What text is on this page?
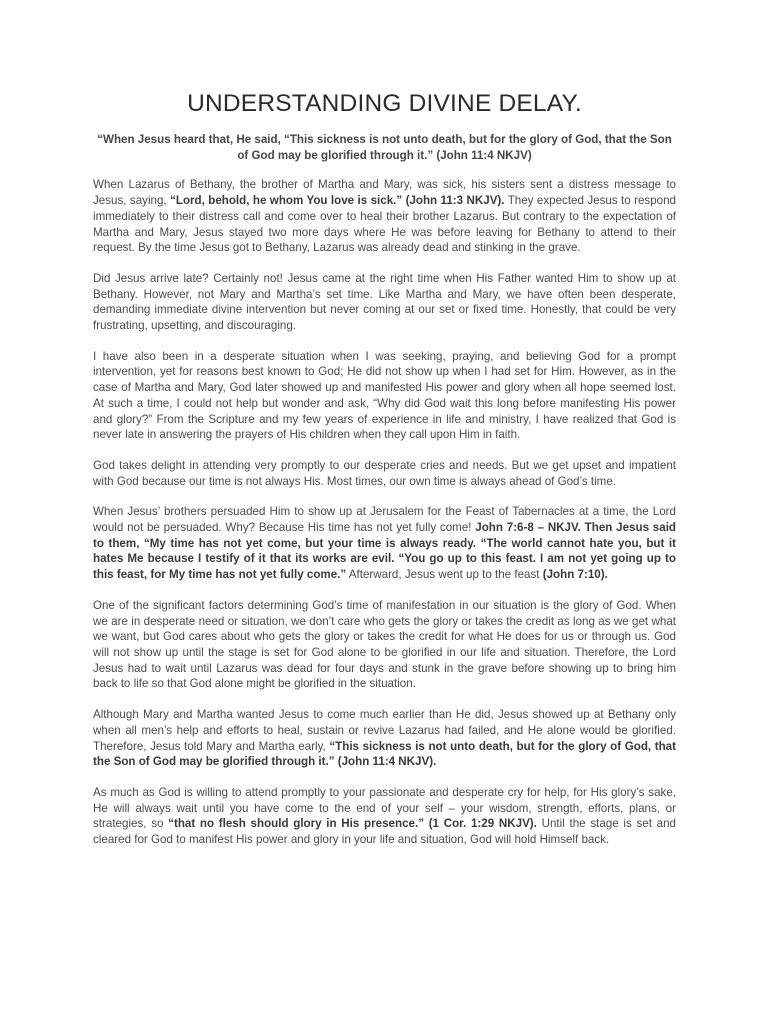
UNDERSTANDING DIVINE DELAY.

“When Jesus heard that, He said, “This sickness is not unto death, but for the glory of God, that the Son of God may be glorified through it.” (John 11:4 NKJV)

When Lazarus of Bethany, the brother of Martha and Mary, was sick, his sisters sent a distress message to Jesus, saying, “Lord, behold, he whom You love is sick.” (John 11:3 NKJV). They expected Jesus to respond immediately to their distress call and come over to heal their brother Lazarus. But contrary to the expectation of Martha and Mary, Jesus stayed two more days where He was before leaving for Bethany to attend to their request. By the time Jesus got to Bethany, Lazarus was already dead and stinking in the grave.

Did Jesus arrive late? Certainly not! Jesus came at the right time when His Father wanted Him to show up at Bethany. However, not Mary and Martha’s set time. Like Martha and Mary, we have often been desperate, demanding immediate divine intervention but never coming at our set or fixed time. Honestly, that could be very frustrating, upsetting, and discouraging.

I have also been in a desperate situation when I was seeking, praying, and believing God for a prompt intervention, yet for reasons best known to God; He did not show up when I had set for Him. However, as in the case of Martha and Mary, God later showed up and manifested His power and glory when all hope seemed lost. At such a time, I could not help but wonder and ask, “Why did God wait this long before manifesting His power and glory?” From the Scripture and my few years of experience in life and ministry, I have realized that God is never late in answering the prayers of His children when they call upon Him in faith.

God takes delight in attending very promptly to our desperate cries and needs. But we get upset and impatient with God because our time is not always His. Most times, our own time is always ahead of God’s time.

When Jesus’ brothers persuaded Him to show up at Jerusalem for the Feast of Tabernacles at a time, the Lord would not be persuaded. Why? Because His time has not yet fully come! John 7:6-8 – NKJV. Then Jesus said to them, “My time has not yet come, but your time is always ready. “The world cannot hate you, but it hates Me because I testify of it that its works are evil. “You go up to this feast. I am not yet going up to this feast, for My time has not yet fully come.” Afterward, Jesus went up to the feast (John 7:10).

One of the significant factors determining God’s time of manifestation in our situation is the glory of God. When we are in desperate need or situation, we don’t care who gets the glory or takes the credit as long as we get what we want, but God cares about who gets the glory or takes the credit for what He does for us or through us. God will not show up until the stage is set for God alone to be glorified in our life and situation. Therefore, the Lord Jesus had to wait until Lazarus was dead for four days and stunk in the grave before showing up to bring him back to life so that God alone might be glorified in the situation.

Although Mary and Martha wanted Jesus to come much earlier than He did, Jesus showed up at Bethany only when all men’s help and efforts to heal, sustain or revive Lazarus had failed, and He alone would be glorified. Therefore, Jesus told Mary and Martha early, “This sickness is not unto death, but for the glory of God, that the Son of God may be glorified through it.” (John 11:4 NKJV).

As much as God is willing to attend promptly to your passionate and desperate cry for help, for His glory’s sake, He will always wait until you have come to the end of your self – your wisdom, strength, efforts, plans, or strategies, so “that no flesh should glory in His presence.” (1 Cor. 1:29 NKJV). Until the stage is set and cleared for God to manifest His power and glory in your life and situation, God will hold Himself back.
